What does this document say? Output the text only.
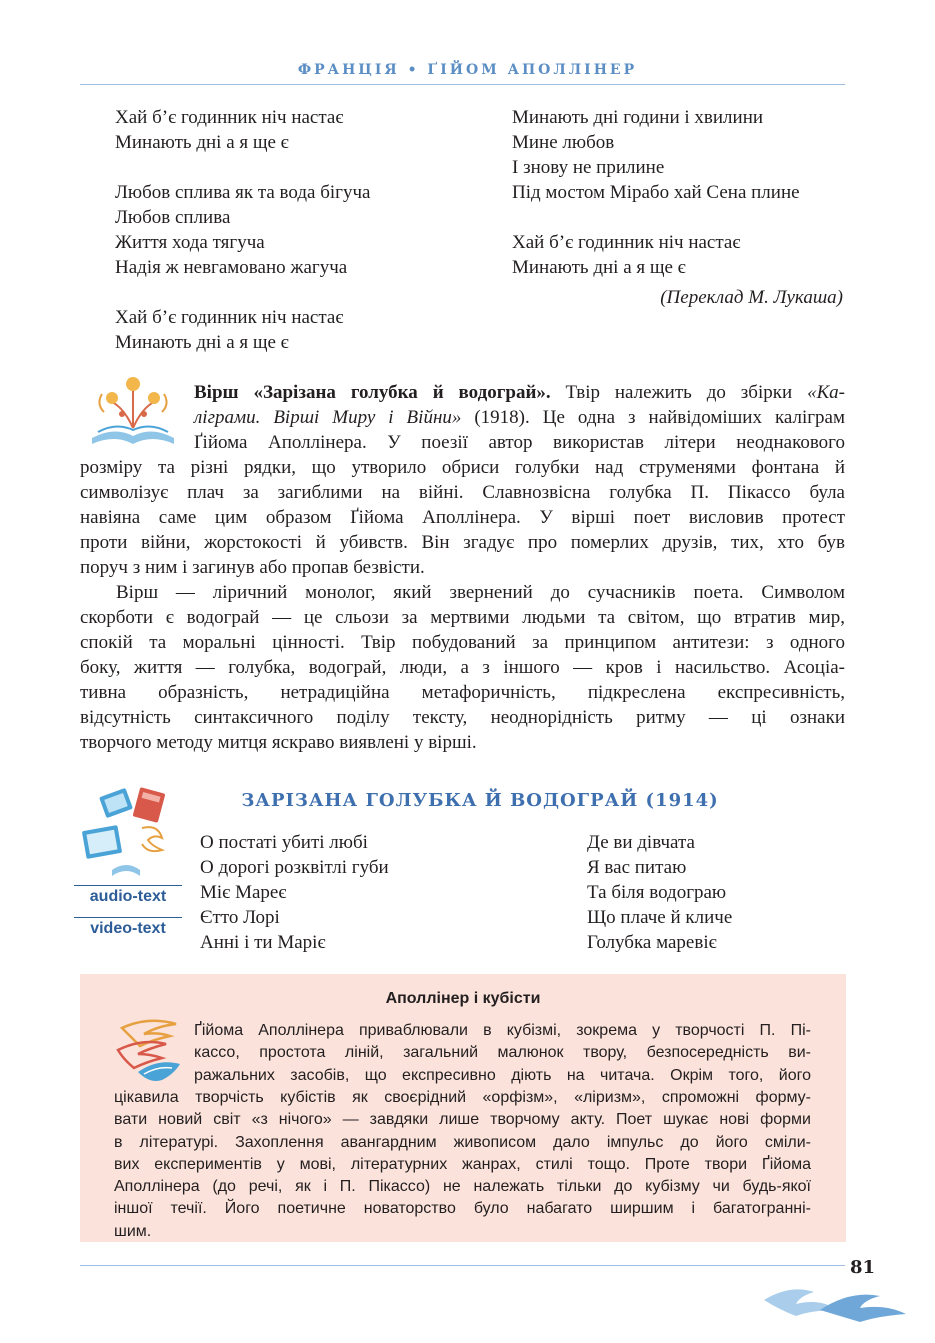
ФРАНЦІЯ • ҐІЙОМ АПОЛЛІНЕР
Хай б’є годинник ніч настає
Минають дні а я ще є
Любов сплива як та вода бігуча
Любов сплива
Життя хода тягуча
Надія ж невгамовано жагуча
Хай б’є годинник ніч настає
Минають дні а я ще є
Минають дні години і хвилини
Мине любов
І знову не прилине
Під мостом Мірабо хай Сена плине
Хай б’є годинник ніч настає
Минають дні а я ще є
(Переклад М. Лукаша)
Вірш «Зарізана голубка й водограй». Твір належить до збірки «Ка-
ліграми. Вірші Миру і Війни» (1918). Це одна з найвідоміших каліграм
Ґійома Аполлінера. У поезії автор використав літери неоднакового
розміру та різні рядки, що утворило обриси голубки над струменями фонтана й
символізує плач за загиблими на війні. Славнозвісна голубка П. Пікассо була
навіяна саме цим образом Ґійома Аполлінера. У вірші поет висловив протест
проти війни, жорстокості й убивств. Він згадує про померлих друзів, тих, хто був
поруч з ним і загинув або пропав безвісти.
Вірш — ліричний монолог, який звернений до сучасників поета. Символом
скорботи є водограй — це сльози за мертвими людьми та світом, що втратив мир,
спокій та моральні цінності. Твір побудований за принципом антитези: з одного
боку, життя — голубка, водограй, люди, а з іншого — кров і насильство. Асоціа-
тивна образність, нетрадиційна метафоричність, підкреслена експресивність,
відсутність синтаксичного поділу тексту, неоднорідність ритму — ці ознаки
творчого методу митця яскраво виявлені у вірші.
ЗАРІЗАНА ГОЛУБКА Й ВОДОГРАЙ (1914)
audio-text
video-text
О постаті убиті любі
О дорогі розквітлі губи
Міє Мареє
Єтто Лорі
Анні і ти Маріє
Де ви дівчата
Я вас питаю
Та біля водограю
Що плаче й кличе
Голубка маревіє
Аполлінер і кубісти
Ґійома Аполлінера приваблювали в кубізмі, зокрема у творчості П. Пі-
кассо, простота ліній, загальний малюнок твору, безпосередність ви-
ражальних засобів, що експресивно діють на читача. Окрім того, його
цікавила творчість кубістів як своєрідний «орфізм», «ліризм», спроможні форму-
вати новий світ «з нічого» — завдяки лише творчому акту. Поет шукає нові форми
в літературі. Захоплення авангардним живописом дало імпульс до його сміли-
вих експериментів у мові, літературних жанрах, стилі тощо. Проте твори Ґійома
Аполлінера (до речі, як і П. Пікассо) не належать тільки до кубізму чи будь-якої
іншої течії. Його поетичне новаторство було набагато ширшим і багатогранні-
шим.
81
